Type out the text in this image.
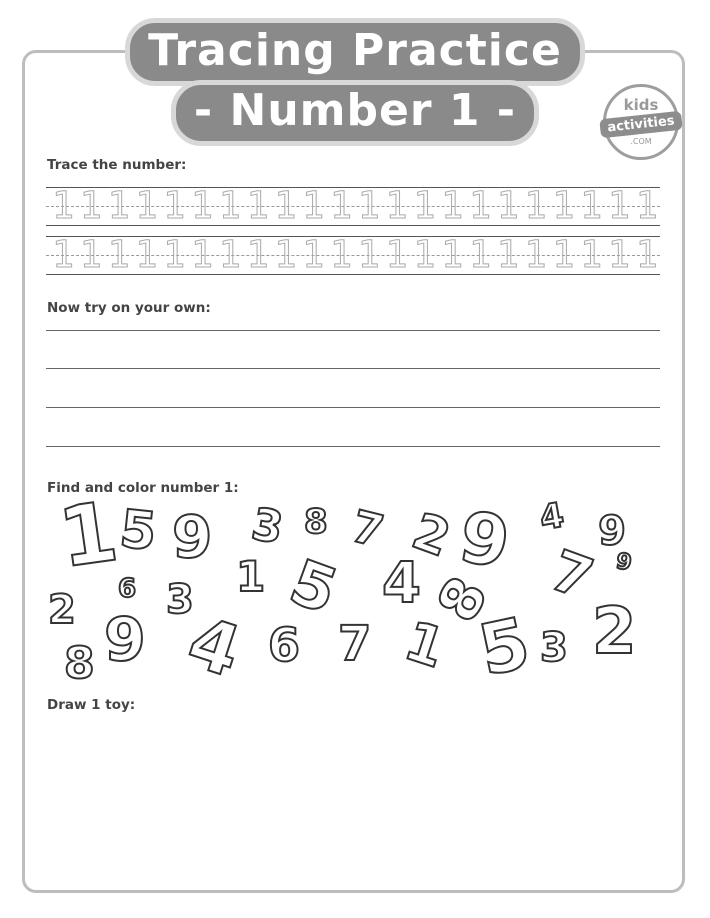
Tracing Practice
- Number 1 -	kids
activities
.COM
Trace the number:
1 1 1 1 1 1 1 1 1 1 1 1 1 1 1 1 1 1 1 1 1 1
1 1 1 1 1 1 1 1 1 1 1 1 1 1 1 1 1 1 1 1 1 1
Now try on your own:
Find and color number 1:
1
5 9 3 8 7 2
9 4 6
6 3 1 5 4 8 7 9
2
8 9 4 6 7 1 5 3 2
Draw 1 toy:
